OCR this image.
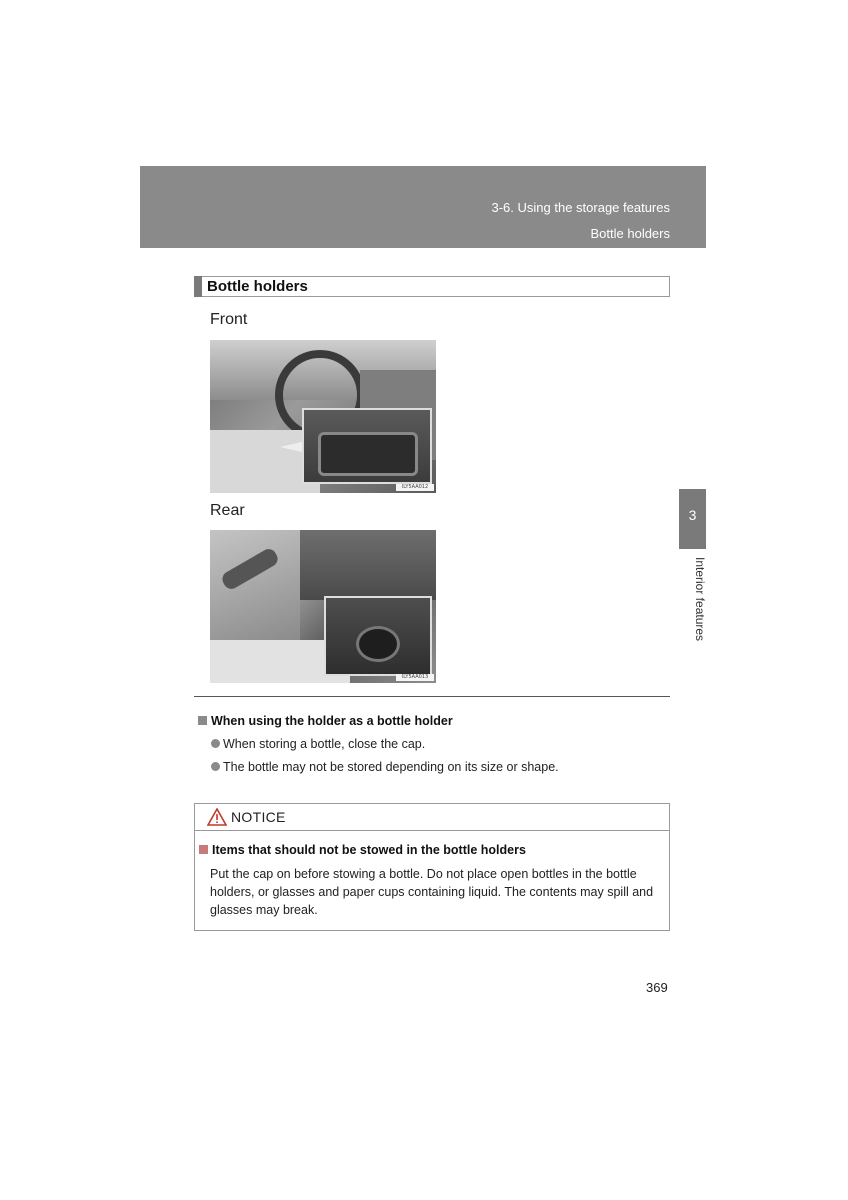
3-6. Using the storage features
Bottle holders
Bottle holders
Front
ILY5AA012
Rear
ILY5AA013
When using the holder as a bottle holder
When storing a bottle, close the cap.
The bottle may not be stored depending on its size or shape.
NOTICE
Items that should not be stowed in the bottle holders
Put the cap on before stowing a bottle. Do not place open bottles in the bottle holders, or glasses and paper cups containing liquid. The contents may spill and glasses may break.
3
Interior features
369
